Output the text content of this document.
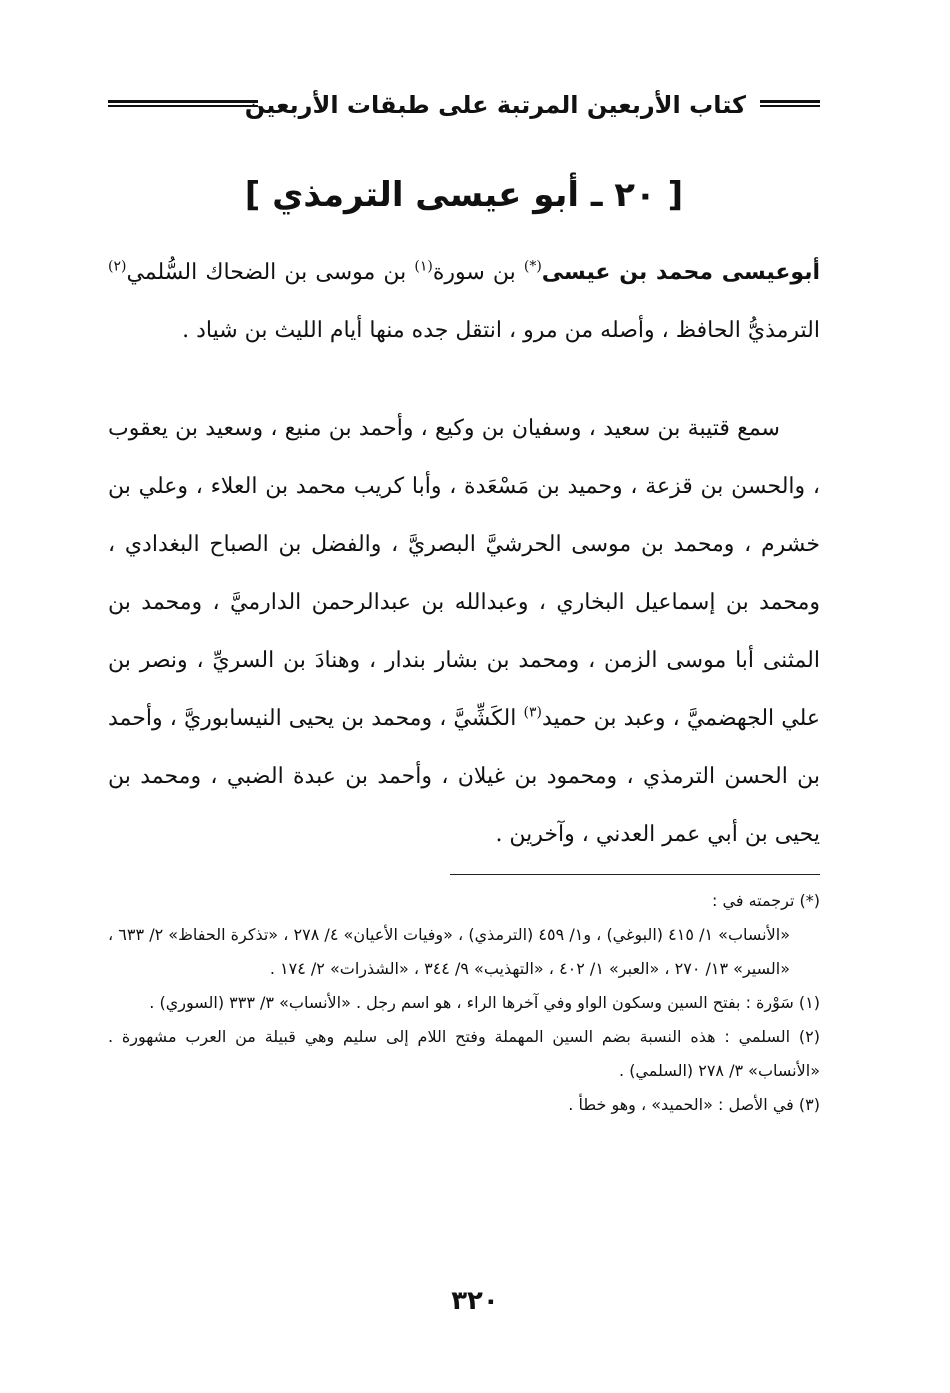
كتاب الأربعين المرتبة على طبقات الأربعين
[ ٢٠ ـ أبو عيسى الترمذي ]

أبوعيسى محمد بن عيسى(*) بن سورة$^{(١)}$ بن موسى بن الضحاك السُّلمي$^{(٢)}$ الترمذيُّ الحافظ ، وأصله من مرو ، انتقل جده منها أيام الليث بن شياد .

سمع قتيبة بن سعيد ، وسفيان بن وكيع ، وأحمد بن منيع ، وسعيد بن يعقوب ، والحسن بن قزعة ، وحميد بن مَسْعَدة ، وأبا كريب محمد بن العلاء ، وعلي بن خشرم ، ومحمد بن موسى الحرشيَّ البصريَّ ، والفضل بن الصباح البغدادي ، ومحمد بن إسماعيل البخاري ، وعبدالله بن عبدالرحمن الدارميَّ ، ومحمد بن المثنى أبا موسى الزمن ، ومحمد بن بشار بندار ، وهنادَ بن السريِّ ، ونصر بن علي الجهضميَّ ، وعبد بن حميد$^{(٣)}$ الكَشِّيَّ ، ومحمد بن يحيى النيسابوريَّ ، وأحمد بن الحسن الترمذي ، ومحمود بن غيلان ، وأحمد بن عبدة الضبي ، ومحمد بن يحيى بن أبي عمر العدني ، وآخرين .

(*) ترجمته في :

«الأنساب» ١/ ٤١٥ (البوغي) ، و١/ ٤٥٩ (الترمذي) ، «وفيات الأعيان» ٤/ ٢٧٨ ، «تذكرة الحفاظ» ٢/ ٦٣٣ ، «السير» ١٣/ ٢٧٠ ، «العبر» ١/ ٤٠٢ ، «التهذيب» ٩/ ٣٤٤ ، «الشذرات» ٢/ ١٧٤ .

(١) سَوْرة : بفتح السين وسكون الواو وفي آخرها الراء ، هو اسم رجل . «الأنساب» ٣/ ٣٣٣ (السوري) .

(٢) السلمي : هذه النسبة بضم السين المهملة وفتح اللام إلى سليم وهي قبيلة من العرب مشهورة . «الأنساب» ٣/ ٢٧٨ (السلمي) .

(٣) في الأصل : «الحميد» ، وهو خطأ .

٣٢٠
